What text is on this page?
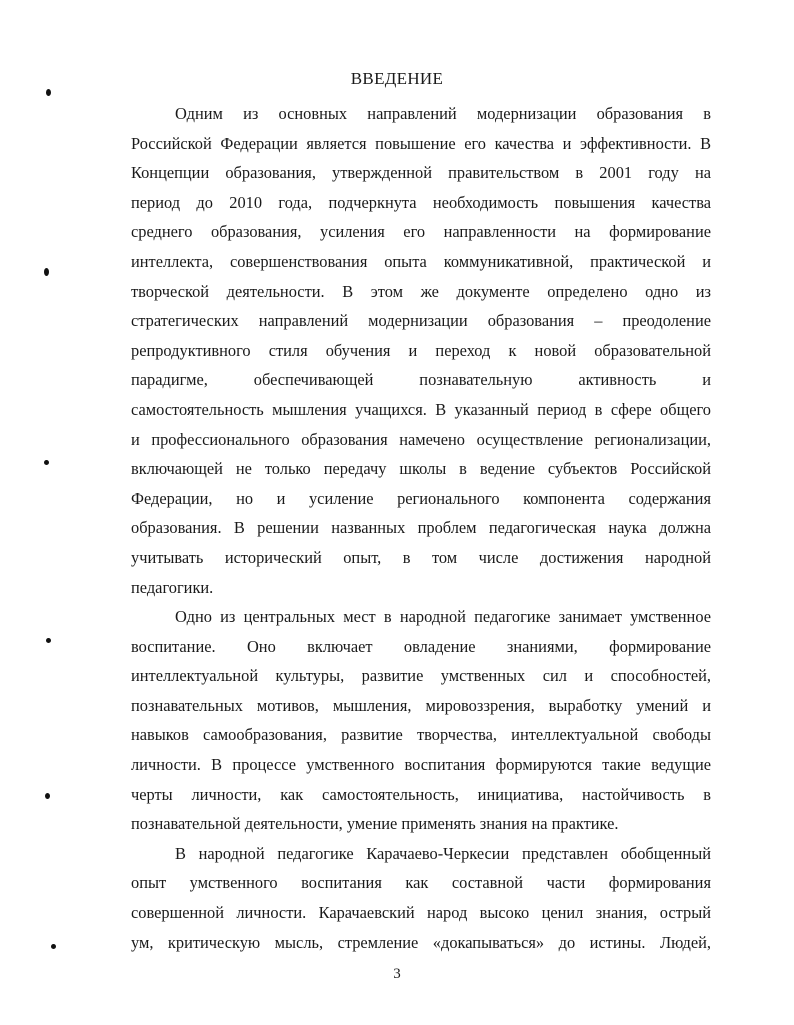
ВВЕДЕНИЕ
Одним из основных направлений модернизации образования в
Российской Федерации является повышение его качества и эффективности. В
Концепции образования, утвержденной правительством в 2001 году на
период до 2010 года, подчеркнута необходимость повышения качества
среднего образования, усиления его направленности на формирование
интеллекта, совершенствования опыта коммуникативной, практической и
творческой деятельности. В этом же документе определено одно из
стратегических направлений модернизации образования – преодоление
репродуктивного стиля обучения и переход к новой образовательной
парадигме, обеспечивающей познавательную активность и
самостоятельность мышления учащихся. В указанный период в сфере общего
и профессионального образования намечено осуществление регионализации,
включающей не только передачу школы в ведение субъектов Российской
Федерации, но и усиление регионального компонента содержания
образования. В решении названных проблем педагогическая наука должна
учитывать исторический опыт, в том числе достижения народной
педагогики.
Одно из центральных мест в народной педагогике занимает умственное
воспитание. Оно включает овладение знаниями, формирование
интеллектуальной культуры, развитие умственных сил и способностей,
познавательных мотивов, мышления, мировоззрения, выработку умений и
навыков самообразования, развитие творчества, интеллектуальной свободы
личности. В процессе умственного воспитания формируются такие ведущие
черты личности, как самостоятельность, инициатива, настойчивость в
познавательной деятельности, умение применять знания на практике.
В народной педагогике Карачаево-Черкесии представлен обобщенный
опыт умственного воспитания как составной части формирования
совершенной личности. Карачаевский народ высоко ценил знания, острый
ум, критическую мысль, стремление «докапываться» до истины. Людей,
3
